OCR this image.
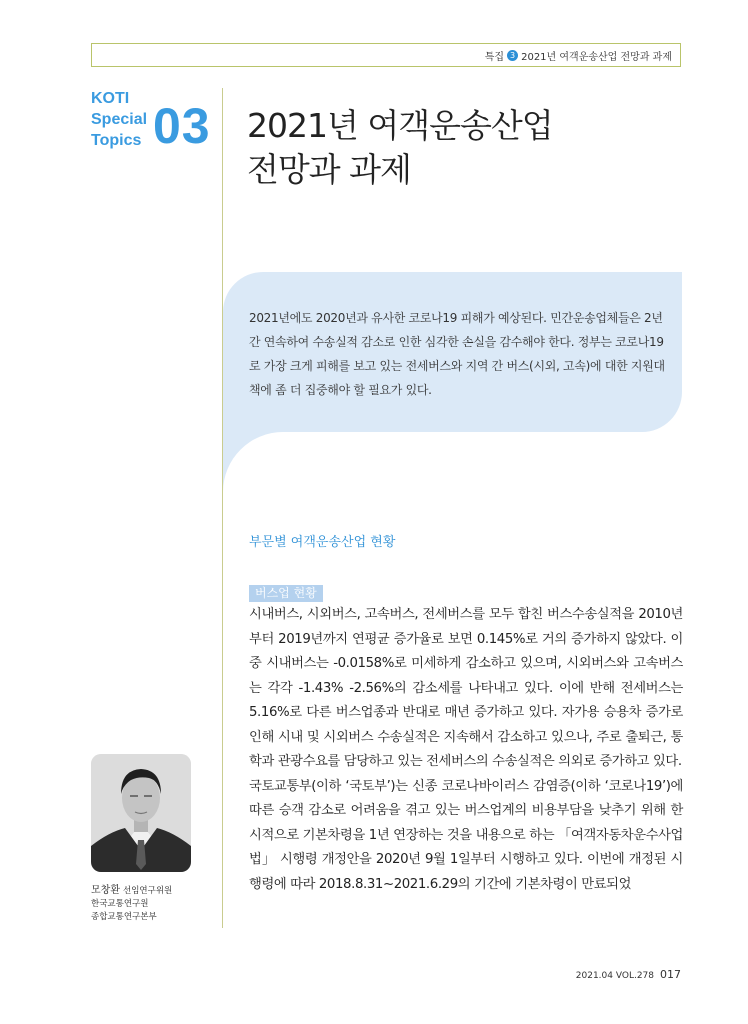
특집 3 2021년 여객운송산업 전망과 과제
KOTI
Special
Topics 03 2021년 여객운송산업
전망과 과제
2021년에도 2020년과 유사한 코로나19 피해가 예상된다. 민간운송업체들은 2년간 연속하여 수송실적 감소로 인한 심각한 손실을 감수해야 한다. 정부는 코로나19로 가장 크게 피해를 보고 있는 전세버스와 지역 간 버스(시외, 고속)에 대한 지원대책에 좀 더 집중해야 할 필요가 있다.
부문별 여객운송산업 현황
버스업 현황

시내버스, 시외버스, 고속버스, 전세버스를 모두 합친 버스수송실적을 2010년부터 2019년까지 연평균 증가율로 보면 0.145%로 거의 증가하지 않았다. 이 중 시내버스는 -0.0158%로 미세하게 감소하고 있으며, 시외버스와 고속버스는 각각 -1.43% -2.56%의 감소세를 나타내고 있다. 이에 반해 전세버스는 5.16%로 다른 버스업종과 반대로 매년 증가하고 있다. 자가용 승용차 증가로 인해 시내 및 시외버스 수송실적은 지속해서 감소하고 있으나, 주로 출퇴근, 통학과 관광수요를 담당하고 있는 전세버스의 수송실적은 의외로 증가하고 있다.

국토교통부(이하 ‘국토부’)는 신종 코로나바이러스 감염증(이하 ‘코로나19’)에 따른 승객 감소로 어려움을 겪고 있는 버스업계의 비용부담을 낮추기 위해 한시적으로 기본차령을 1년 연장하는 것을 내용으로 하는 「여객자동차운수사업법」 시행령 개정안을 2020년 9월 1일부터 시행하고 있다. 이번에 개정된 시행령에 따라 2018.8.31~2021.6.29의 기간에 기본차령이 만료되었

모창환 선임연구위원
한국교통연구원
종합교통연구본부
2021.04 VOL.278 017
